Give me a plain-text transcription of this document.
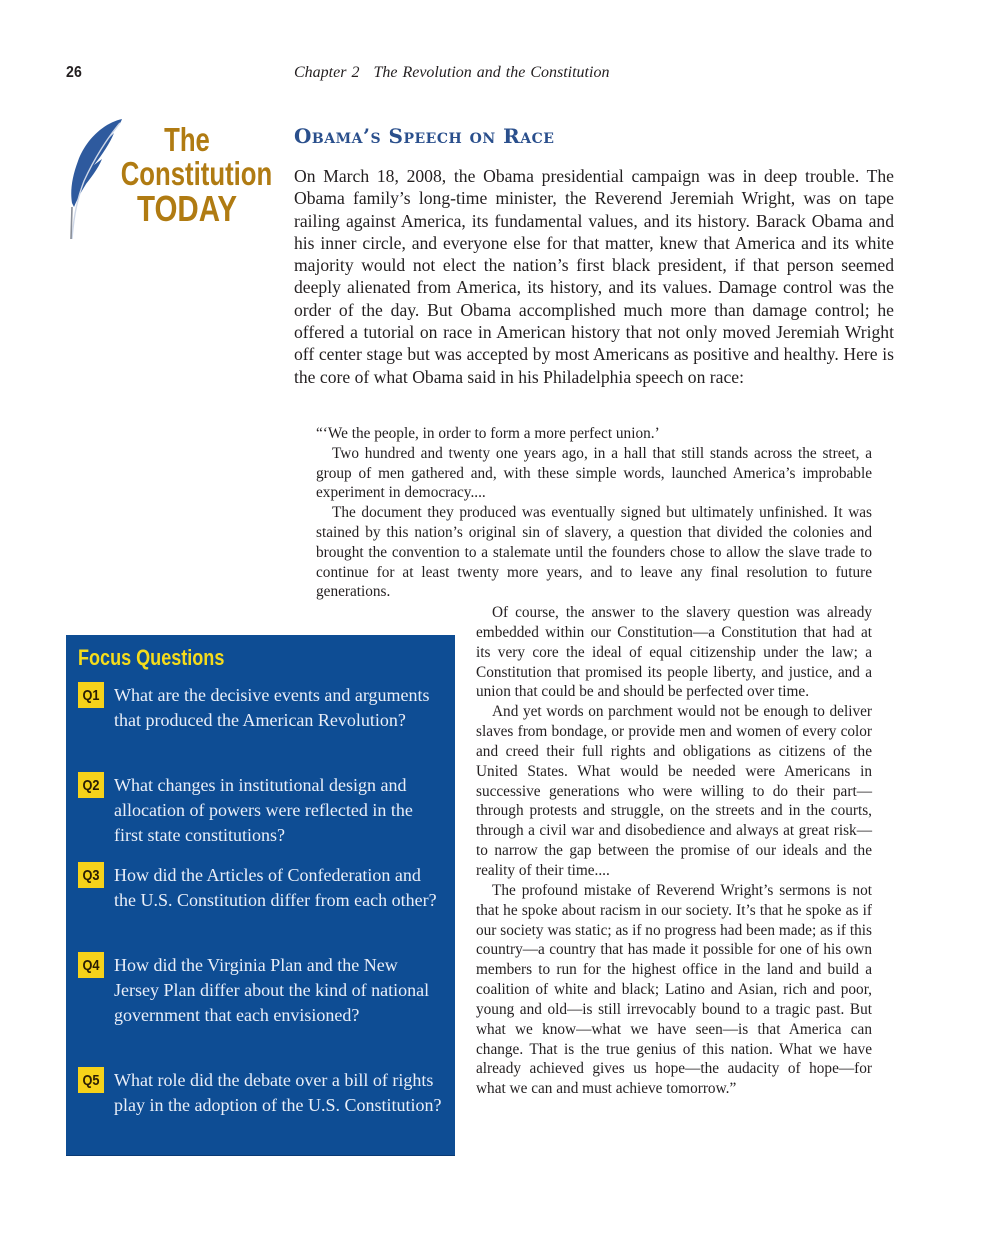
26	Chapter 2 The Revolution and the Constitution
The
Constitution
TODAY
Obama’s Speech on Race

On March 18, 2008, the Obama presidential campaign was in deep trouble. The Obama family’s long-time minister, the Reverend Jeremiah Wright, was on tape railing against America, its fundamental values, and its history. Barack Obama and his inner circle, and everyone else for that matter, knew that America and its white majority would not elect the nation’s first black president, if that person seemed deeply alienated from America, its history, and its values. Damage control was the order of the day. But Obama accomplished much more than damage control; he offered a tutorial on race in American history that not only moved Jeremiah Wright off center stage but was accepted by most Americans as positive and healthy. Here is the core of what Obama said in his Philadelphia speech on race:

“‘We the people, in order to form a more perfect union.’

Two hundred and twenty one years ago, in a hall that still stands across the street, a group of men gathered and, with these simple words, launched America’s improbable experiment in democracy....

The document they produced was eventually signed but ultimately unfinished. It was stained by this nation’s original sin of slavery, a question that divided the colonies and brought the convention to a stalemate until the founders chose to allow the slave trade to continue for at least twenty more years, and to leave any final resolution to future generations.

Of course, the answer to the slavery question was already embedded within our Constitution—a Constitution that had at its very core the ideal of equal citizenship under the law; a Constitution that promised its people liberty, and justice, and a union that could be and should be perfected over time.

And yet words on parchment would not be enough to deliver slaves from bondage, or provide men and women of every color and creed their full rights and obligations as citizens of the United States. What would be needed were Americans in successive generations who were willing to do their part—through protests and struggle, on the streets and in the courts, through a civil war and disobedience and always at great risk—to narrow the gap between the promise of our ideals and the reality of their time....

The profound mistake of Reverend Wright’s sermons is not that he spoke about racism in our society. It’s that he spoke as if our society was static; as if no progress had been made; as if this country—a country that has made it possible for one of his own members to run for the highest office in the land and build a coalition of white and black; Latino and Asian, rich and poor, young and old—is still irrevocably bound to a tragic past. But what we know—what we have seen—is that America can change. That is the true genius of this nation. What we have already achieved gives us hope—the audacity of hope—for what we can and must achieve tomorrow.”

Focus Questions
Q1 What are the decisive events and arguments that produced the American Revolution?
Q2 What changes in institutional design and allocation of powers were reflected in the first state constitutions?
Q3 How did the Articles of Confederation and the U.S. Constitution differ from each other?
Q4 How did the Virginia Plan and the New Jersey Plan differ about the kind of national government that each envisioned?
Q5 What role did the debate over a bill of rights play in the adoption of the U.S. Constitution?
